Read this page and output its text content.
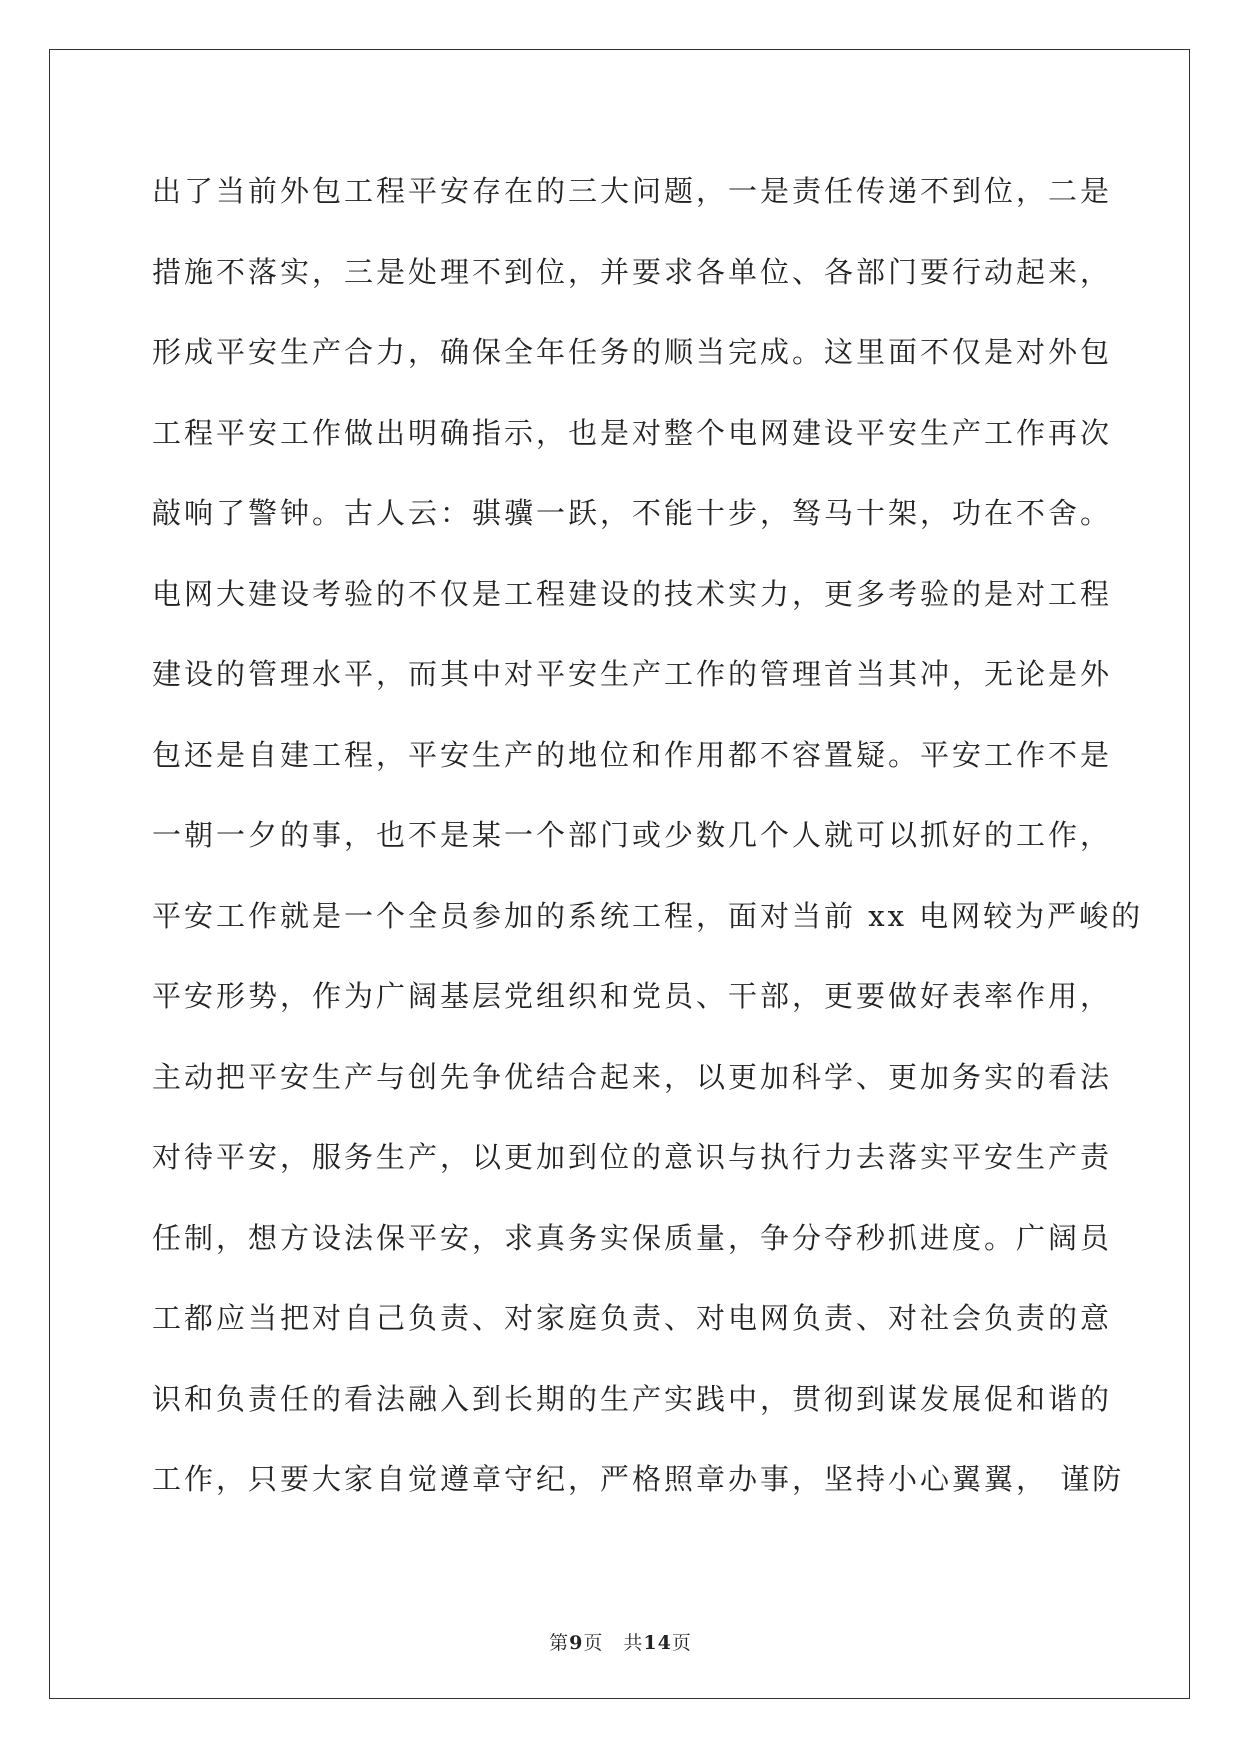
出了当前外包工程平安存在的三大问题，一是责任传递不到位，二是
措施不落实，三是处理不到位，并要求各单位、各部门要行动起来，
形成平安生产合力，确保全年任务的顺当完成。这里面不仅是对外包
工程平安工作做出明确指示，也是对整个电网建设平安生产工作再次
敲响了警钟。古人云：骐骥一跃，不能十步，驽马十架，功在不舍。
电网大建设考验的不仅是工程建设的技术实力，更多考验的是对工程
建设的管理水平，而其中对平安生产工作的管理首当其冲，无论是外
包还是自建工程，平安生产的地位和作用都不容置疑。平安工作不是
一朝一夕的事，也不是某一个部门或少数几个人就可以抓好的工作，
平安工作就是一个全员参加的系统工程，面对当前 xx 电网较为严峻的
平安形势，作为广阔基层党组织和党员、干部，更要做好表率作用，
主动把平安生产与创先争优结合起来，以更加科学、更加务实的看法
对待平安，服务生产，以更加到位的意识与执行力去落实平安生产责
任制，想方设法保平安，求真务实保质量，争分夺秒抓进度。广阔员
工都应当把对自己负责、对家庭负责、对电网负责、对社会负责的意
识和负责任的看法融入到长期的生产实践中，贯彻到谋发展促和谐的
工作，只要大家自觉遵章守纪，严格照章办事，坚持小心翼翼， 谨防
第9页 共14页
